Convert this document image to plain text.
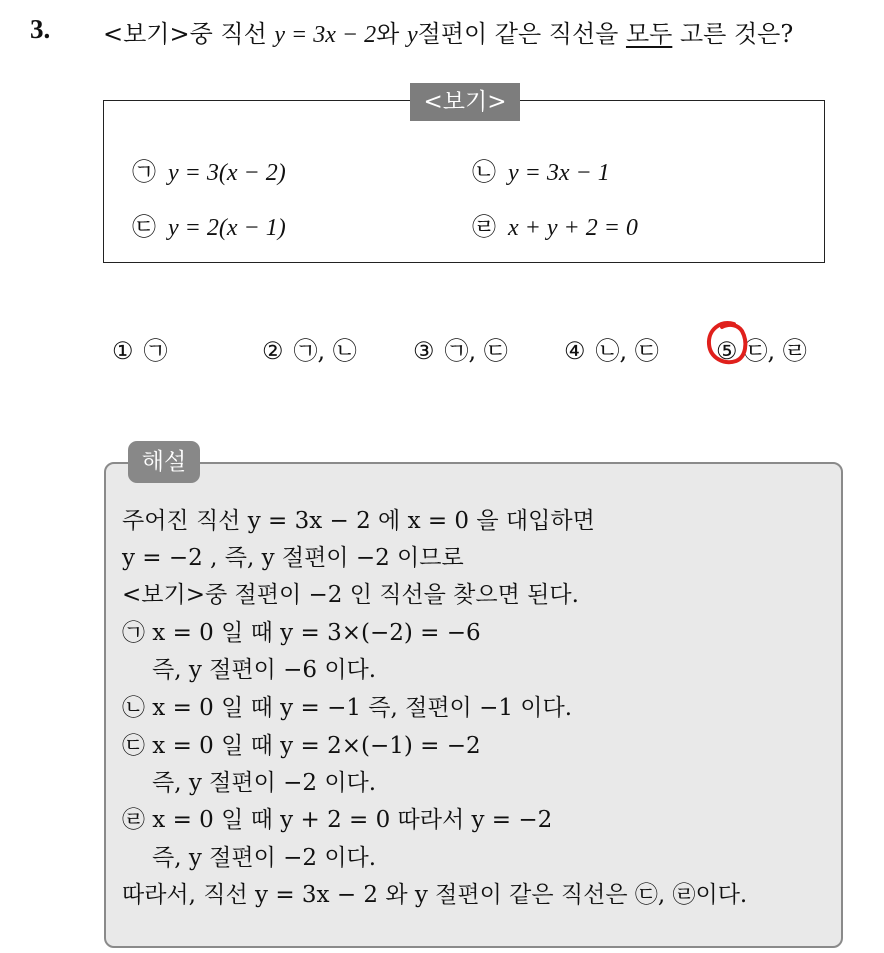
3. <보기>중 직선 y = 3x − 2와 y절편이 같은 직선을 모두 고른 것은?
<보기>
㉠ y = 3(x − 2)	㉡ y = 3x − 1
㉢ y = 2(x − 1)	㉣ x + y + 2 = 0
① ㉠	② ㉠, ㉡ ③ ㉠, ㉢ ④ ㉡, ㉢ ⑤ ㉢, ㉣
해설
주어진 직선 y = 3x − 2 에 x = 0 을 대입하면
y = −2 , 즉, y 절편이 −2 이므로
<보기>중 절편이 −2 인 직선을 찾으면 된다.
㉠ x = 0 일 때 y = 3×(−2) = −6
즉, y 절편이 −6 이다.
㉡ x = 0 일 때 y = −1 즉, 절편이 −1 이다.
㉢ x = 0 일 때 y = 2×(−1) = −2
즉, y 절편이 −2 이다.
㉣ x = 0 일 때 y + 2 = 0 따라서 y = −2
즉, y 절편이 −2 이다.
따라서, 직선 y = 3x − 2 와 y 절편이 같은 직선은 ㉢, ㉣이다.
